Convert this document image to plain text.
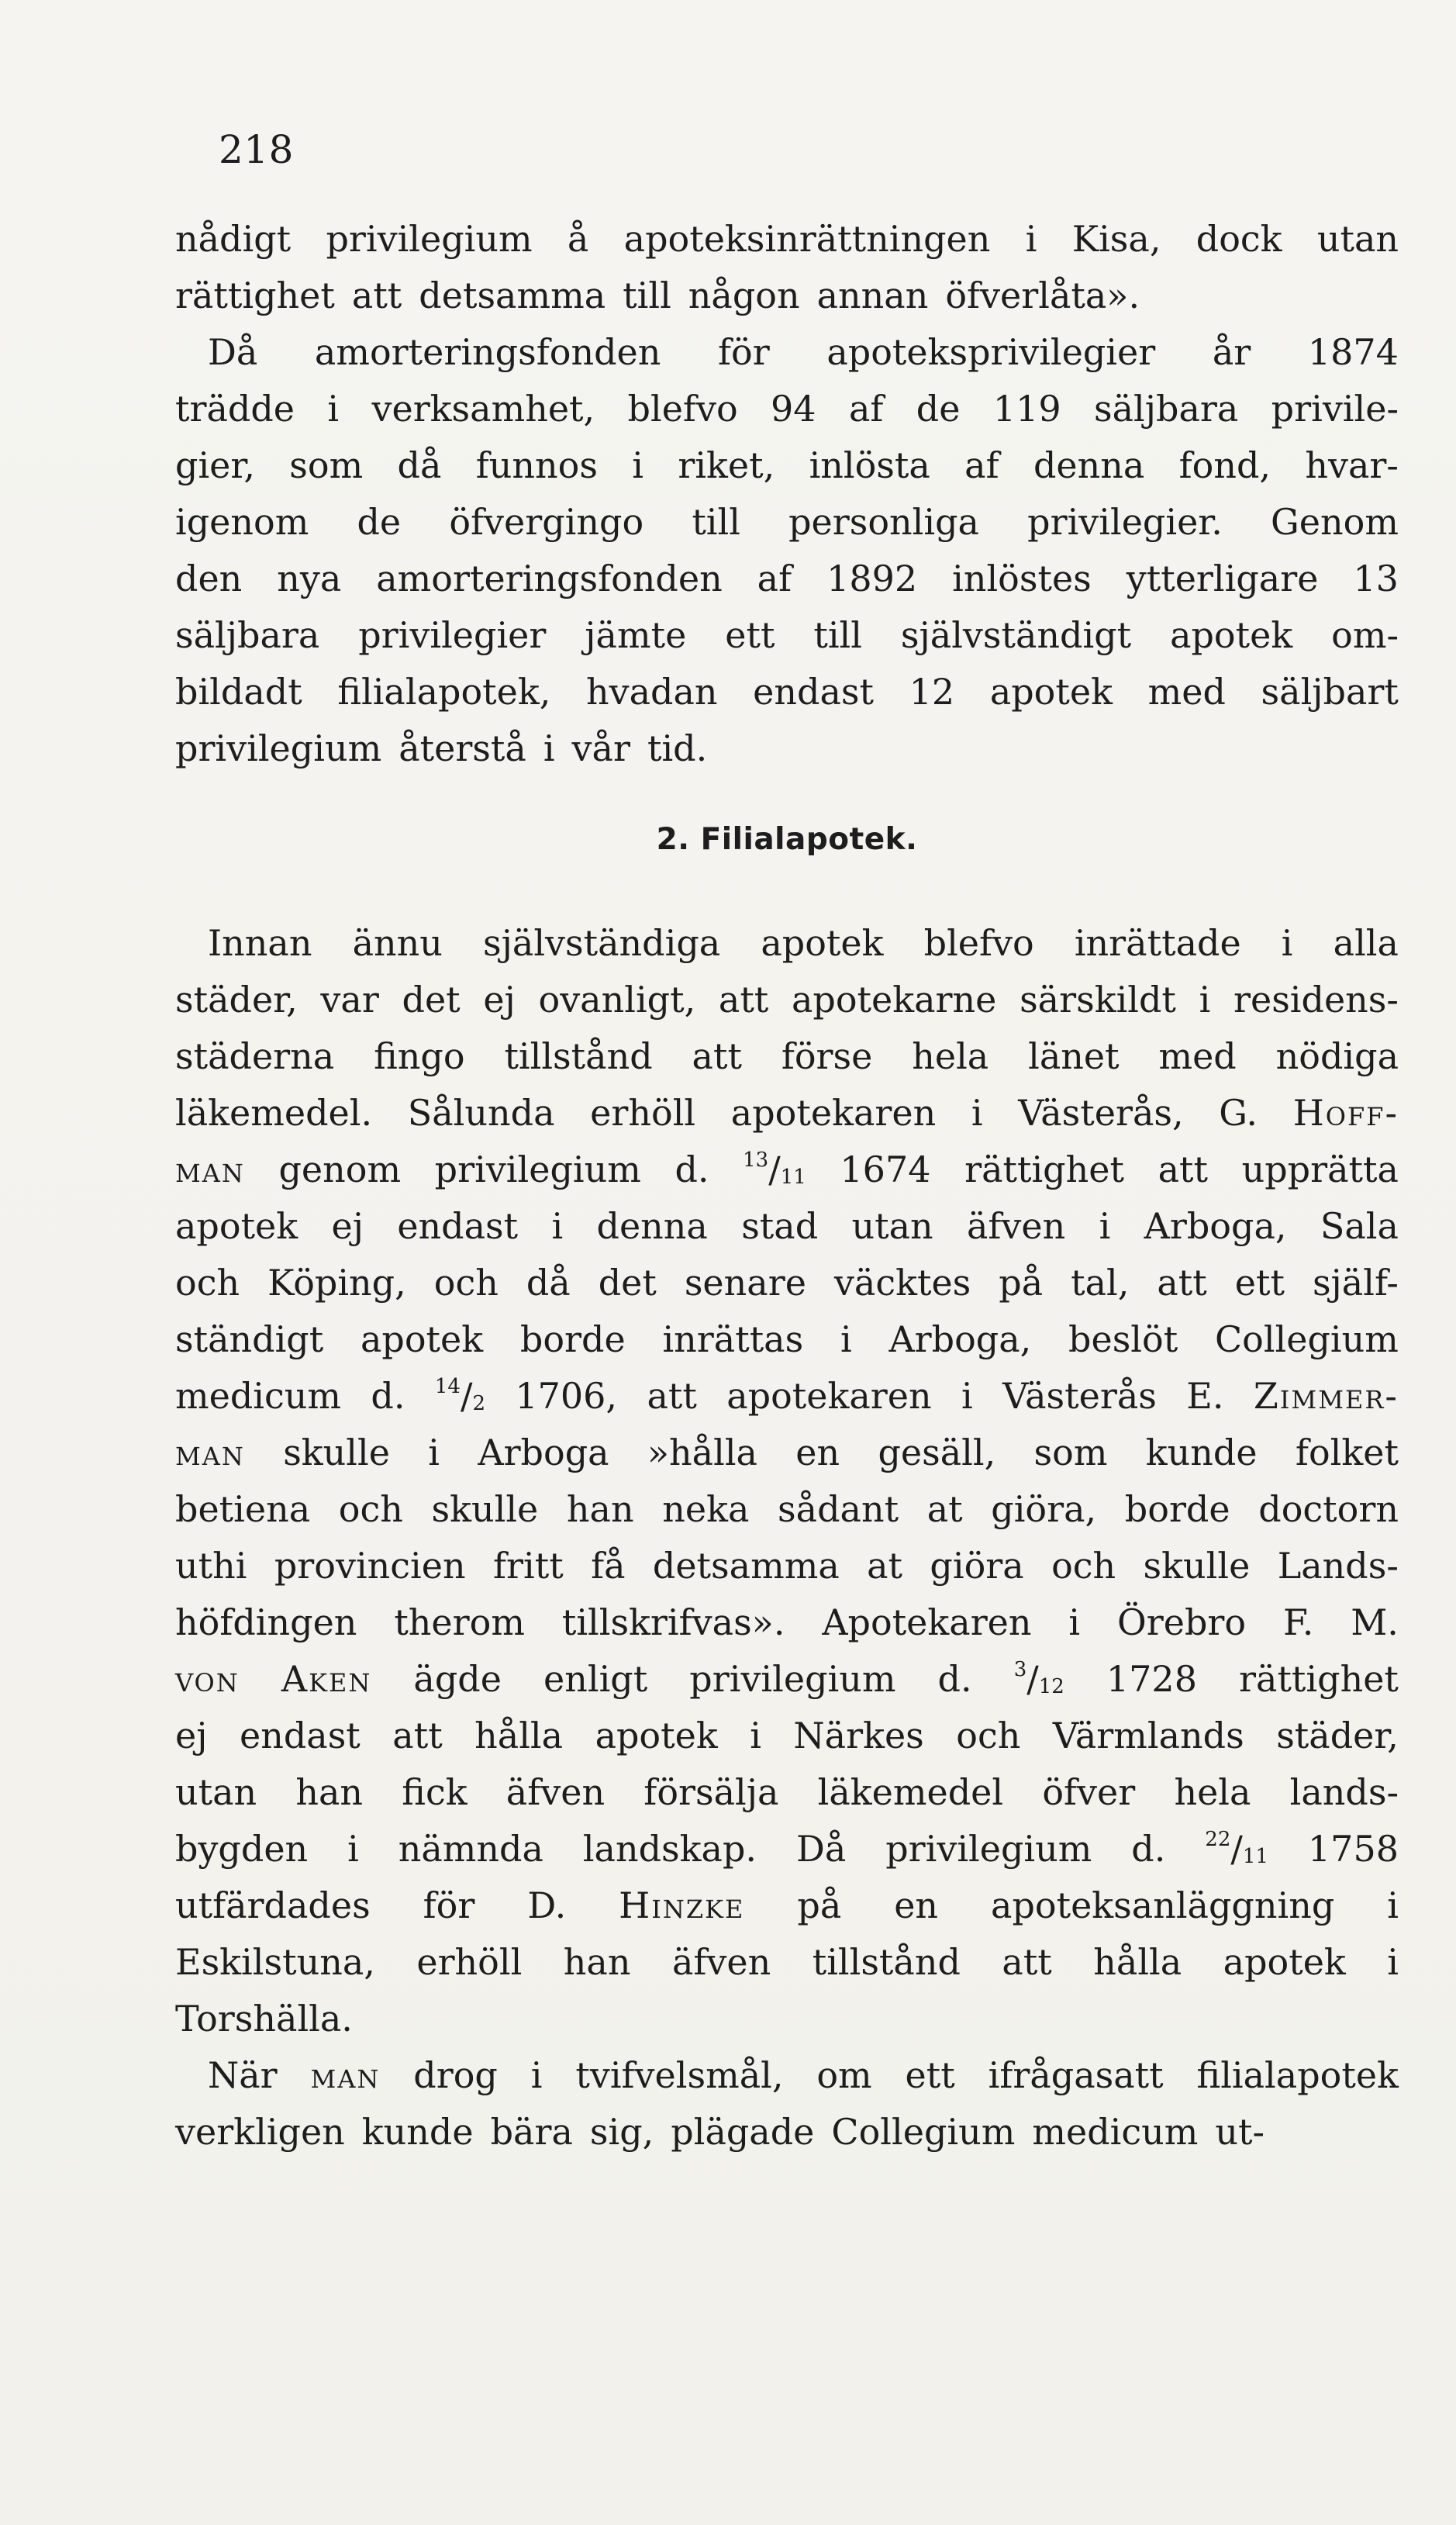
218
nådigt privilegium å apoteksinrättningen i Kisa, dock utan
rättighet att detsamma till någon annan öfverlåta».
Då amorteringsfonden för apoteksprivilegier år 1874
trädde i verksamhet, blefvo 94 af de 119 säljbara privile-
gier, som då funnos i riket, inlösta af denna fond, hvar-
igenom de öfvergingo till personliga privilegier. Genom
den nya amorteringsfonden af 1892 inlöstes ytterligare 13
säljbara privilegier jämte ett till självständigt apotek om-
bildadt filialapotek, hvadan endast 12 apotek med säljbart
privilegium återstå i vår tid.
2. Filialapotek.
Innan ännu självständiga apotek blefvo inrättade i alla
städer, var det ej ovanligt, att apotekarne särskildt i residens-
städerna fingo tillstånd att förse hela länet med nödiga
läkemedel. Sålunda erhöll apotekaren i Västerås, G. Hoff-
man genom privilegium d. $^{13}/_{11}$ 1674 rättighet att upprätta
apotek ej endast i denna stad utan äfven i Arboga, Sala
och Köping, och då det senare väcktes på tal, att ett själf-
ständigt apotek borde inrättas i Arboga, beslöt Collegium
medicum d. $^{14}/_2$ 1706, att apotekaren i Västerås E. Zimmer-
man skulle i Arboga »hålla en gesäll, som kunde folket
betiena och skulle han neka sådant at giöra, borde doctorn
uthi provincien fritt få detsamma at giöra och skulle Lands-
höfdingen therom tillskrifvas». Apotekaren i Örebro F. M.
von Aken ägde enligt privilegium d. $^3/_{12}$ 1728 rättighet
ej endast att hålla apotek i Närkes och Värmlands städer,
utan han fick äfven försälja läkemedel öfver hela lands-
bygden i nämnda landskap. Då privilegium d. $^{22}/_{11}$ 1758
utfärdades för D. Hinzke på en apoteksanläggning i
Eskilstuna, erhöll han äfven tillstånd att hålla apotek i
Torshälla.
När man drog i tvifvelsmål, om ett ifrågasatt filialapotek
verkligen kunde bära sig, plägade Collegium medicum ut-
